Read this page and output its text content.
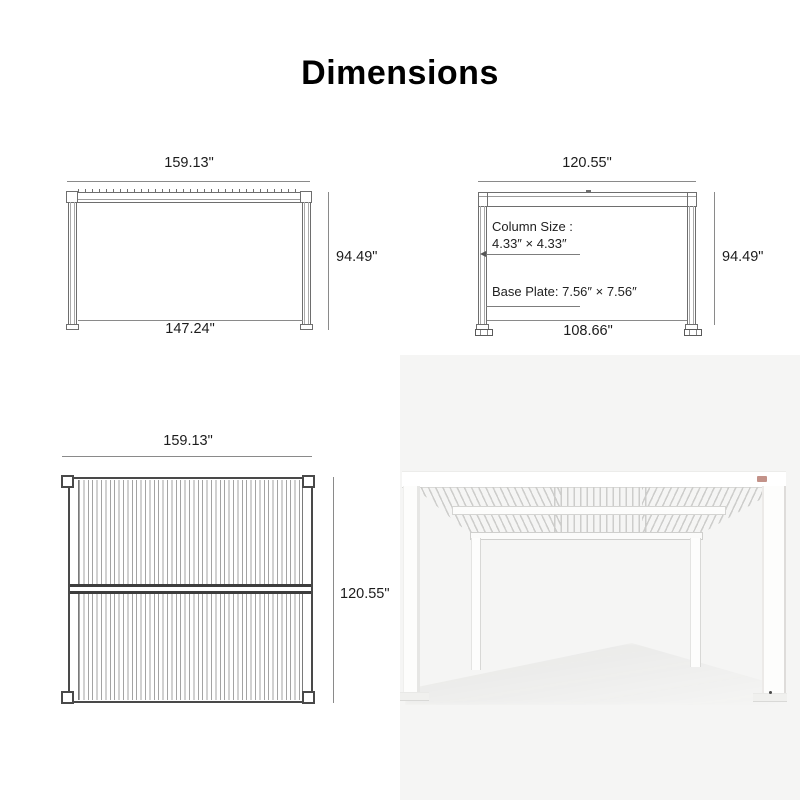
Dimensions
159.13"
147.24"
94.49"
120.55"
Column Size :
4.33″ × 4.33″
Base Plate: 7.56″ × 7.56″
108.66"
94.49"
159.13"
120.55"
